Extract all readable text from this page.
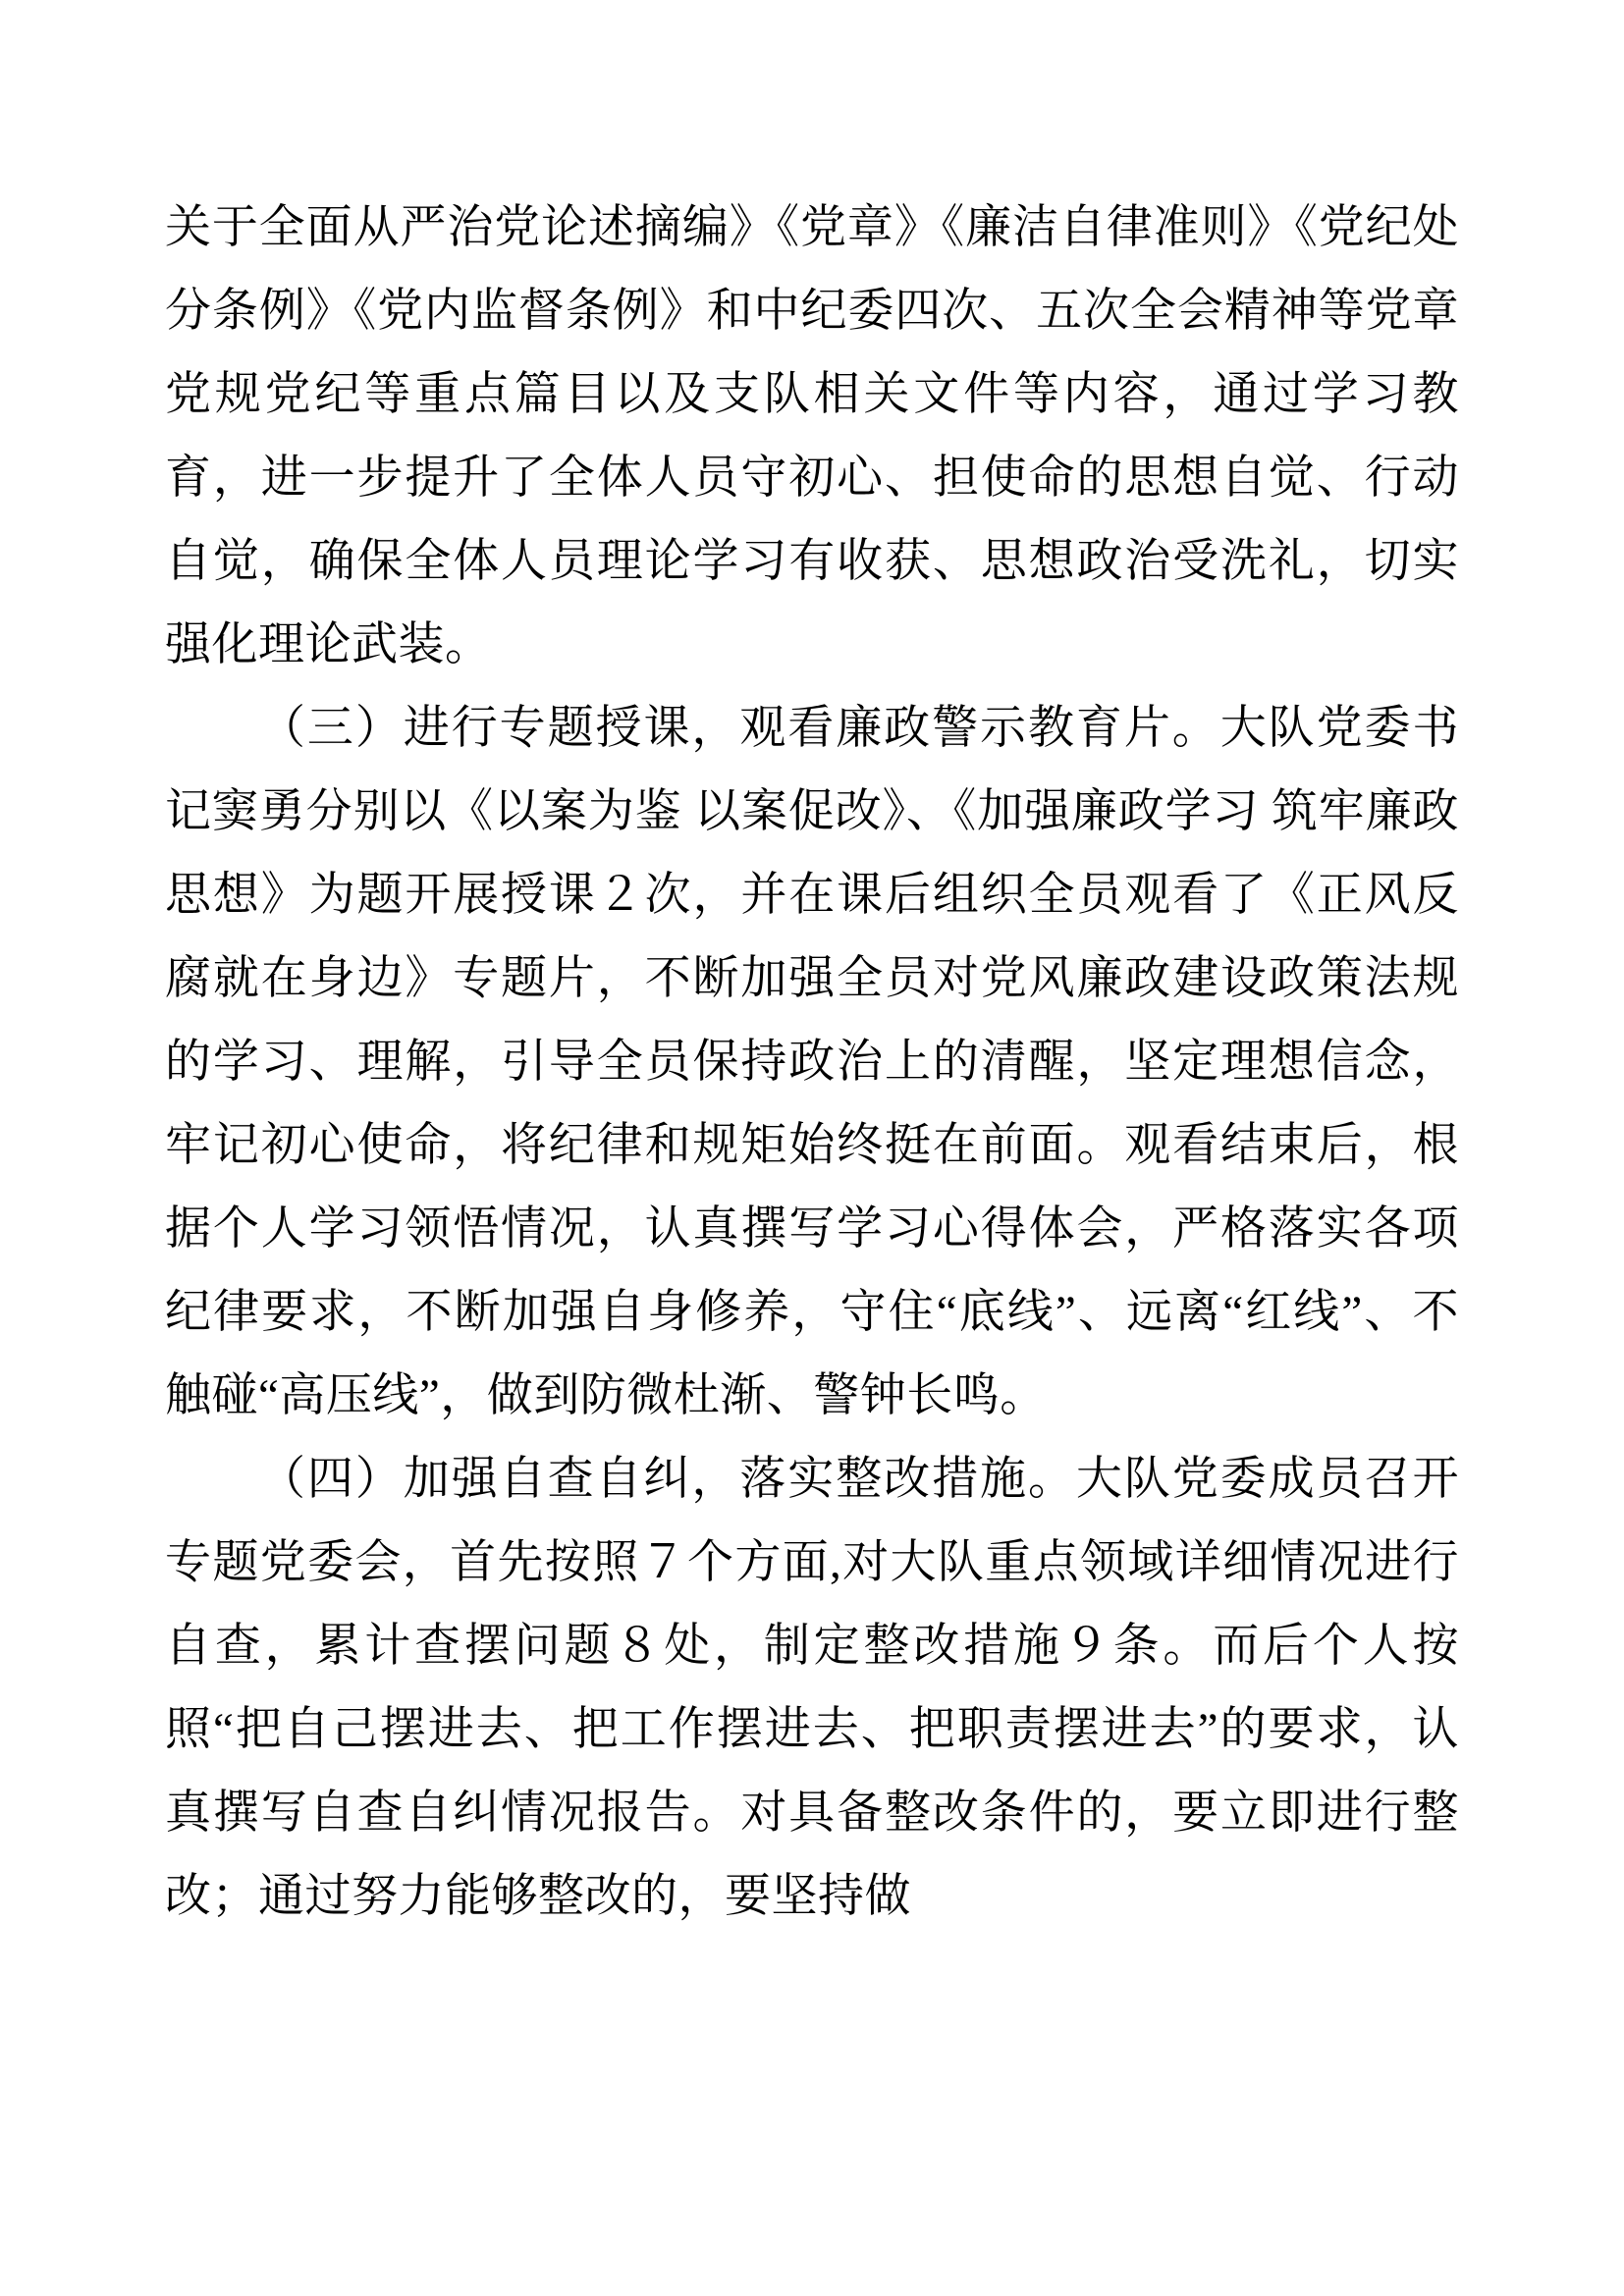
关于全面从严治党论述摘编》《党章》《廉洁自律准则》《党纪处分条例》《党内监督条例》和中纪委四次、五次全会精神等党章党规党纪等重点篇目以及支队相关文件等内容，通过学习教育，进一步提升了全体人员守初心、担使命的思想自觉、行动自觉，确保全体人员理论学习有收获、思想政治受洗礼，切实强化理论武装。

（三）进行专题授课，观看廉政警示教育片。大队党委书记窦勇分别以《以案为鉴 以案促改》、《加强廉政学习 筑牢廉政思想》为题开展授课２次，并在课后组织全员观看了《正风反腐就在身边》专题片，不断加强全员对党风廉政建设政策法规的学习、理解，引导全员保持政治上的清醒，坚定理想信念，牢记初心使命，将纪律和规矩始终挺在前面。观看结束后，根据个人学习领悟情况，认真撰写学习心得体会，严格落实各项纪律要求，不断加强自身修养，守住“底线”、远离“红线”、不触碰“高压线”，做到防微杜渐、警钟长鸣。

（四）加强自查自纠，落实整改措施。大队党委成员召开专题党委会，首先按照７个方面,对大队重点领域详细情况进行自查，累计查摆问题８处，制定整改措施９条。而后个人按照“把自己摆进去、把工作摆进去、把职责摆进去”的要求，认真撰写自查自纠情况报告。对具备整改条件的，要立即进行整改；通过努力能够整改的，要坚持做
